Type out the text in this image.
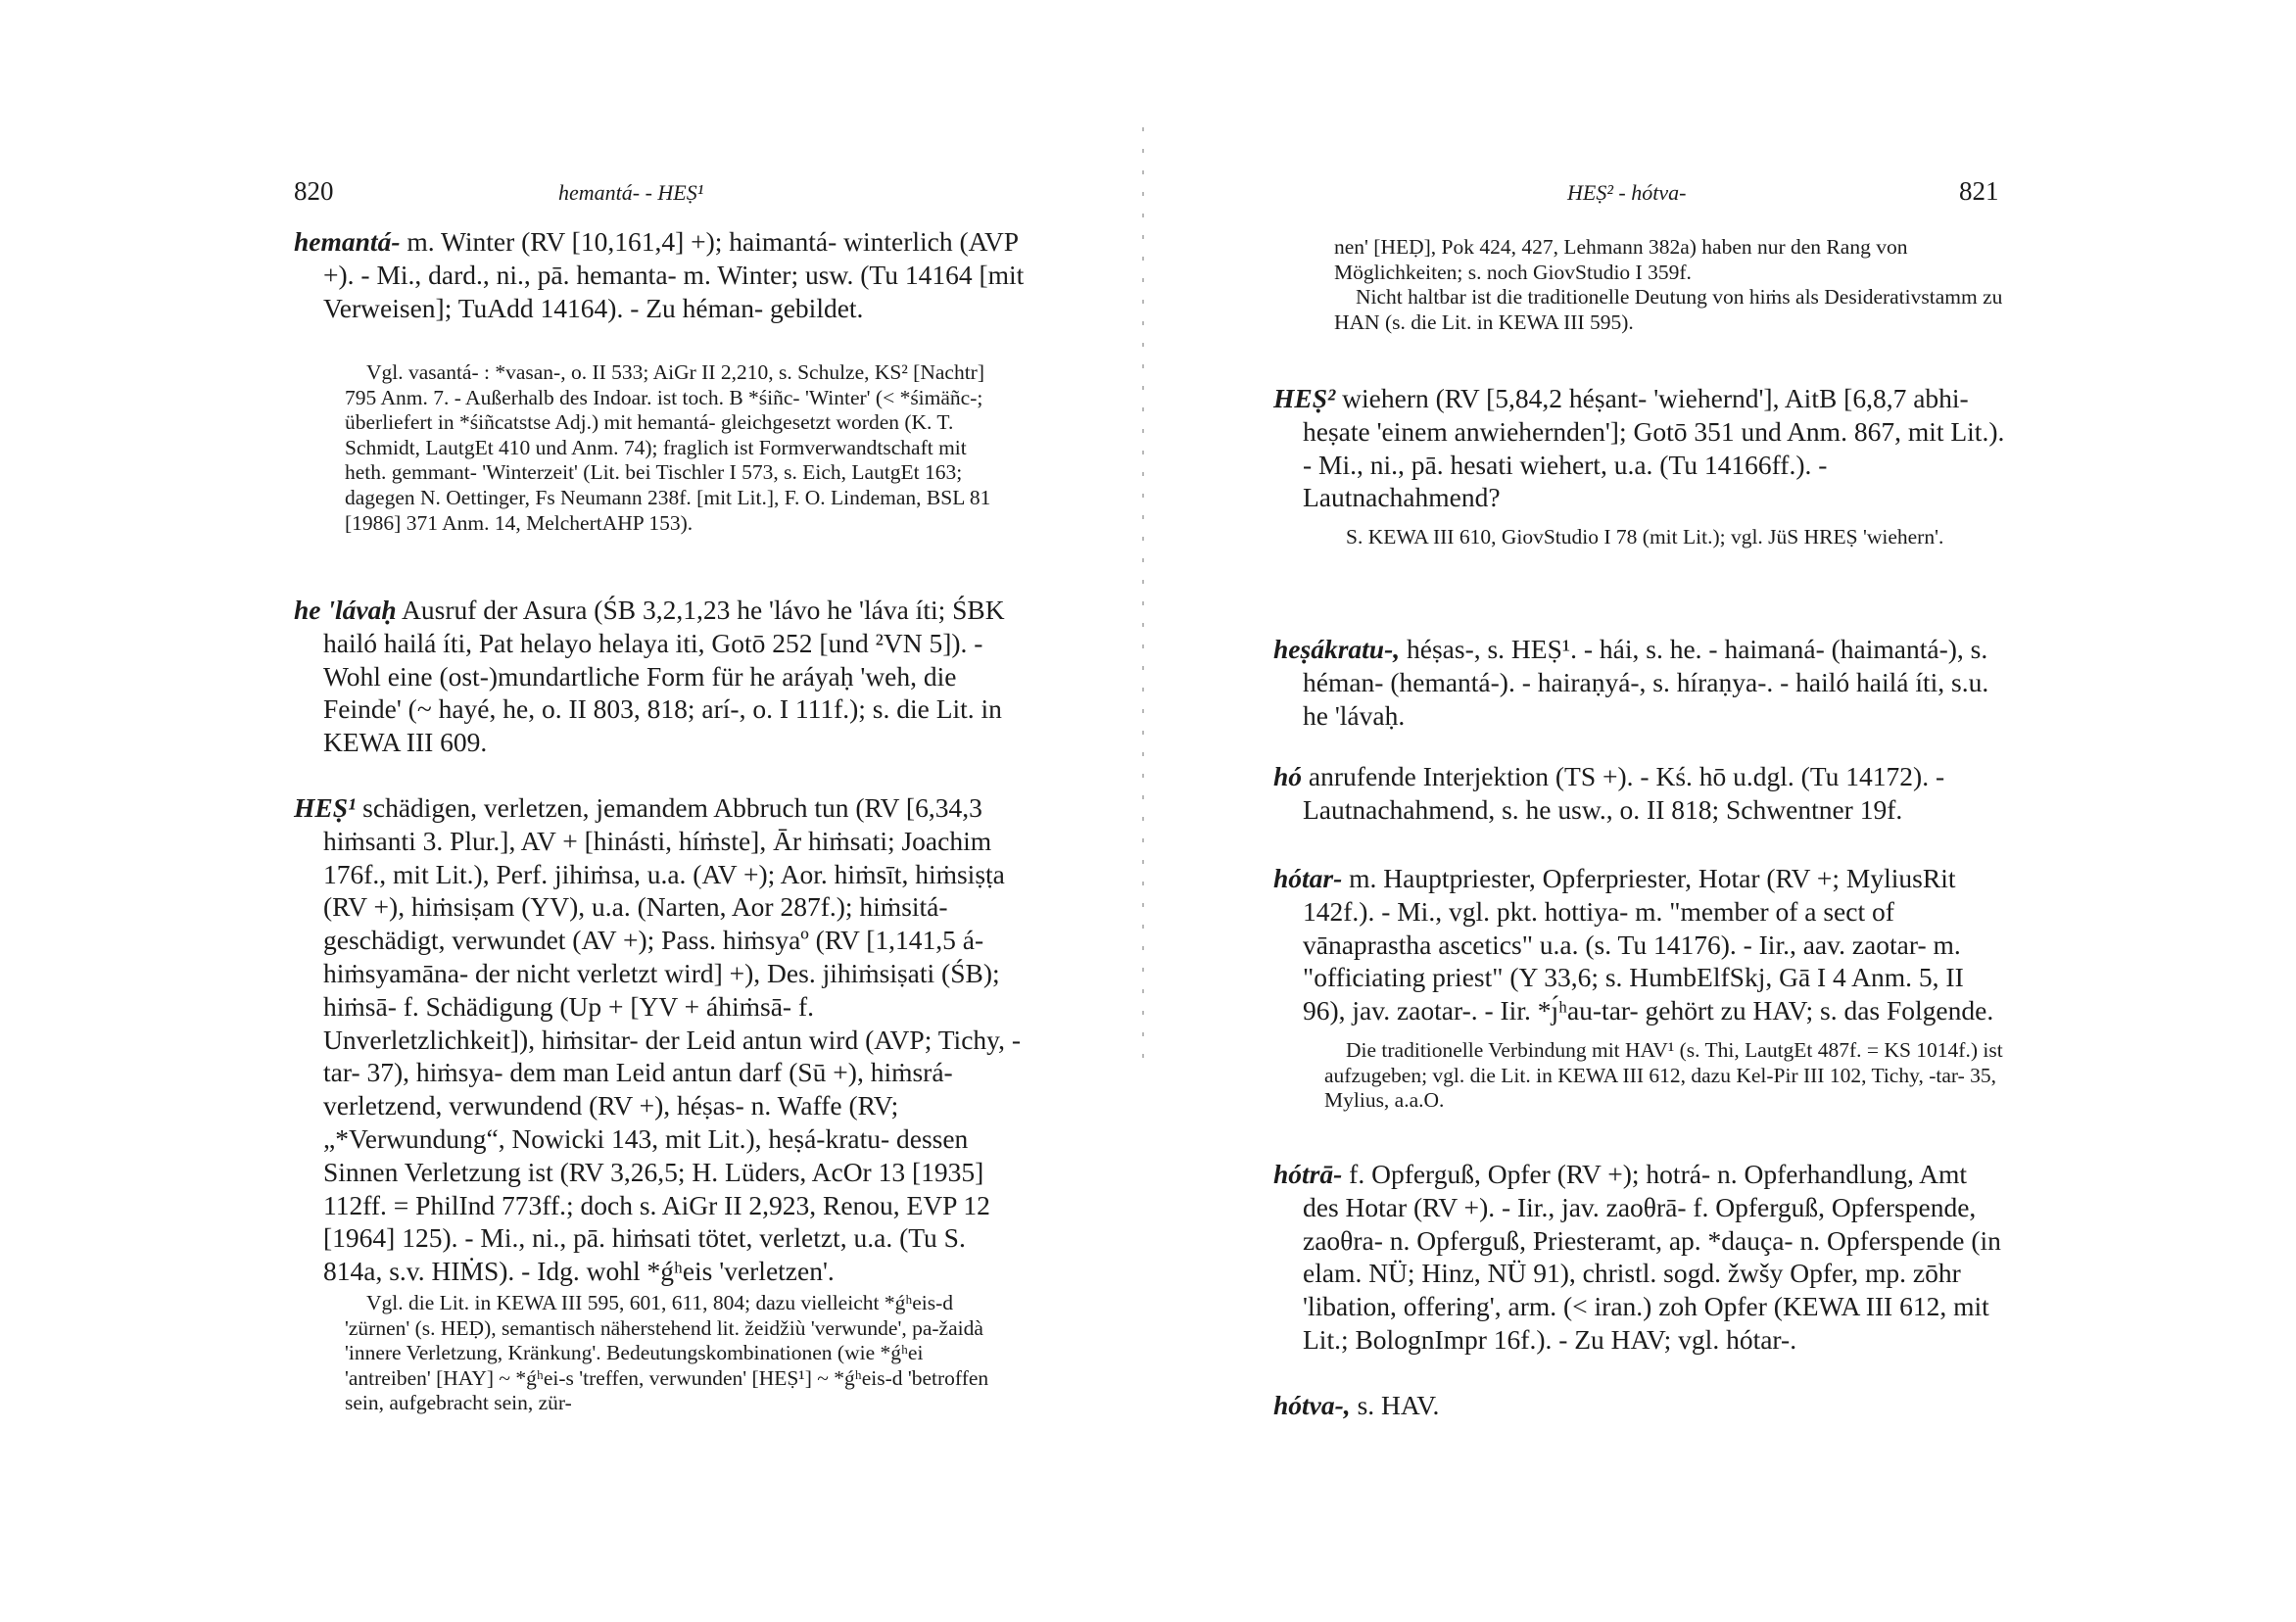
820	hemantá- - HEṢ¹
hemantá- m. Winter (RV [10,161,4] +); haimantá- winterlich (AVP +). - Mi., dard., ni., pā. hemanta- m. Winter; usw. (Tu 14164 [mit Verweisen]; TuAdd 14164). - Zu héman- gebildet.

Vgl. vasantá- : *vasan-, o. II 533; AiGr II 2,210, s. Schulze, KS² [Nachtr] 795 Anm. 7. - Außerhalb des Indoar. ist toch. B *śiñc- 'Winter' (< *śimäñc-; überliefert in *śiñcatstse Adj.) mit hemantá- gleichgesetzt worden (K. T. Schmidt, LautgEt 410 und Anm. 74); fraglich ist Formverwandtschaft mit heth. gemmant- 'Winterzeit' (Lit. bei Tischler I 573, s. Eich, LautgEt 163; dagegen N. Oettinger, Fs Neumann 238f. [mit Lit.], F. O. Lindeman, BSL 81 [1986] 371 Anm. 14, MelchertAHP 153).

he 'lávaḥ Ausruf der Asura (ŚB 3,2,1,23 he 'lávo he 'láva íti; ŚBK hailó hailá íti, Pat helayo helaya iti, Gotō 252 [und ²VN 5]). - Wohl eine (ost-)mundartliche Form für he aráyaḥ 'weh, die Feinde' (~ hayé, he, o. II 803, 818; arí-, o. I 111f.); s. die Lit. in KEWA III 609.
HEṢ¹ schädigen, verletzen, jemandem Abbruch tun (RV [6,34,3 hiṁsanti 3. Plur.], AV + [hinásti, híṁste], Ār hiṁsati; Joachim 176f., mit Lit.), Perf. jihiṁsa, u.a. (AV +); Aor. hiṁsīt, hiṁsiṣṭa (RV +), hiṁsiṣam (YV), u.a. (Narten, Aor 287f.); hiṁsitá- geschädigt, verwundet (AV +); Pass. hiṁsyaº (RV [1,141,5 á-hiṁsyamāna- der nicht verletzt wird] +), Des. jihiṁsiṣati (ŚB); hiṁsā- f. Schädigung (Up + [YV + áhiṁsā- f. Unverletzlichkeit]), hiṁsitar- der Leid antun wird (AVP; Tichy, -tar- 37), hiṁsya- dem man Leid antun darf (Sū +), hiṁsrá- verletzend, verwundend (RV +), héṣas- n. Waffe (RV; „*Verwundung“, Nowicki 143, mit Lit.), heṣá-kratu- dessen Sinnen Verletzung ist (RV 3,26,5; H. Lüders, AcOr 13 [1935] 112ff. = PhilInd 773ff.; doch s. AiGr II 2,923, Renou, EVP 12 [1964] 125). - Mi., ni., pā. hiṁsati tötet, verletzt, u.a. (Tu S. 814a, s.v. HIṀS). - Idg. wohl *ǵʰeis 'verletzen'.

Vgl. die Lit. in KEWA III 595, 601, 611, 804; dazu vielleicht *ǵʰeis-d 'zürnen' (s. HEḌ), semantisch näherstehend lit. žeidžiù 'verwunde', pa-žaidà 'innere Verletzung, Kränkung'. Bedeutungskombinationen (wie *ǵʰei 'antreiben' [HAY] ~ *ǵʰei-s 'treffen, verwunden' [HEṢ¹] ~ *ǵʰeis-d 'betroffen sein, aufgebracht sein, zür-

HEṢ² - hótva-	821

nen' [HEḌ], Pok 424, 427, Lehmann 382a) haben nur den Rang von Möglichkeiten; s. noch GiovStudio I 359f.

Nicht haltbar ist die traditionelle Deutung von hiṁs als Desiderativstamm zu HAN (s. die Lit. in KEWA III 595).

HEṢ² wiehern (RV [5,84,2 héṣant- 'wiehernd'], AitB [6,8,7 abhi-heṣate 'einem anwiehernden']; Gotō 351 und Anm. 867, mit Lit.). - Mi., ni., pā. hesati wiehert, u.a. (Tu 14166ff.). - Lautnachahmend?

S. KEWA III 610, GiovStudio I 78 (mit Lit.); vgl. JüS HREṢ 'wiehern'.

heṣákratu-, héṣas-, s. HEṢ¹. - hái, s. he. - haimaná- (haimantá-), s. héman- (hemantá-). - hairaṇyá-, s. híraṇya-. - hailó hailá íti, s.u. he 'lávaḥ.
hó anrufende Interjektion (TS +). - Kś. hō u.dgl. (Tu 14172). - Lautnachahmend, s. he usw., o. II 818; Schwentner 19f.
hótar- m. Hauptpriester, Opferpriester, Hotar (RV +; MyliusRit 142f.). - Mi., vgl. pkt. hottiya- m. "member of a sect of vānaprastha ascetics" u.a. (s. Tu 14176). - Iir., aav. zaotar- m. "officiating priest" (Y 33,6; s. HumbElfSkj, Gā I 4 Anm. 5, II 96), jav. zaotar-. - Iir. *ȷ́ʰau-tar- gehört zu HAV; s. das Folgende.

Die traditionelle Verbindung mit HAV¹ (s. Thi, LautgEt 487f. = KS 1014f.) ist aufzugeben; vgl. die Lit. in KEWA III 612, dazu Kel-Pir III 102, Tichy, -tar- 35, Mylius, a.a.O.

hótrā- f. Opferguß, Opfer (RV +); hotrá- n. Opferhandlung, Amt des Hotar (RV +). - Iir., jav. zaoθrā- f. Opferguß, Opferspende, zaoθra- n. Opferguß, Priesteramt, ap. *dauça- n. Opferspende (in elam. NÜ; Hinz, NÜ 91), christl. sogd. žwšy Opfer, mp. zōhr 'libation, offering', arm. (< iran.) zoh Opfer (KEWA III 612, mit Lit.; BolognImpr 16f.). - Zu HAV; vgl. hótar-.
hótva-, s. HAV.
